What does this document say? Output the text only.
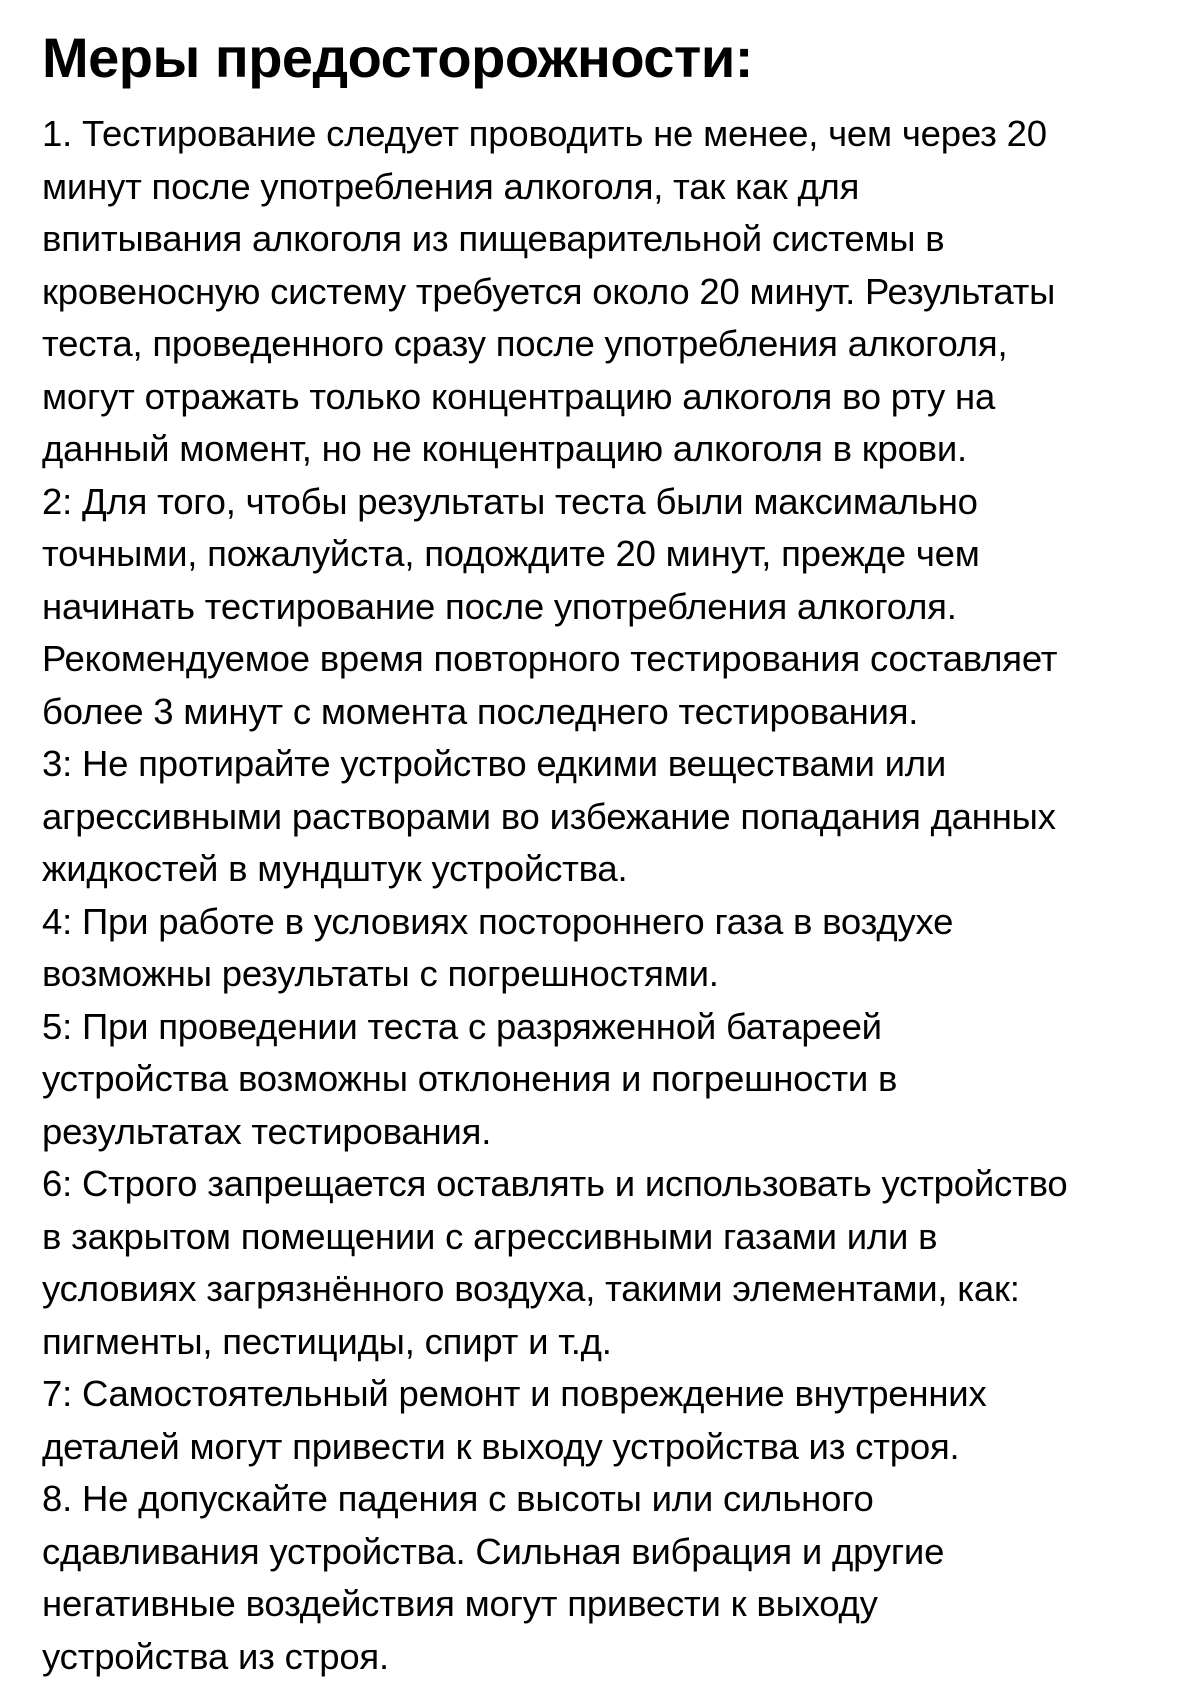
Меры предосторожности:
1. Тестирование следует проводить не менее, чем через 20
минут после употребления алкоголя, так как для
впитывания алкоголя из пищеварительной системы в
кровеносную систему требуется около 20 минут. Результаты
теста, проведенного сразу после употребления алкоголя,
могут отражать только концентрацию алкоголя во рту на
данный момент, но не концентрацию алкоголя в крови.
2: Для того, чтобы результаты теста были максимально
точными, пожалуйста, подождите 20 минут, прежде чем
начинать тестирование после употребления алкоголя.
Рекомендуемое время повторного тестирования составляет
более 3 минут с момента последнего тестирования.
3: Не протирайте устройство едкими веществами или
агрессивными растворами во избежание попадания данных
жидкостей в мундштук устройства.
4: При работе в условиях постороннего газа в воздухе
возможны результаты с погрешностями.
5: При проведении теста с разряженной батареей
устройства возможны отклонения и погрешности в
результатах тестирования.
6: Строго запрещается оставлять и использовать устройство
в закрытом помещении с агрессивными газами или в
условиях загрязнённого воздуха, такими элементами, как:
пигменты, пестициды, спирт и т.д.
7: Самостоятельный ремонт и повреждение внутренних
деталей могут привести к выходу устройства из строя.
8. Не допускайте падения с высоты или сильного
сдавливания устройства. Сильная вибрация и другие
негативные воздействия могут привести к выходу
устройства из строя.
